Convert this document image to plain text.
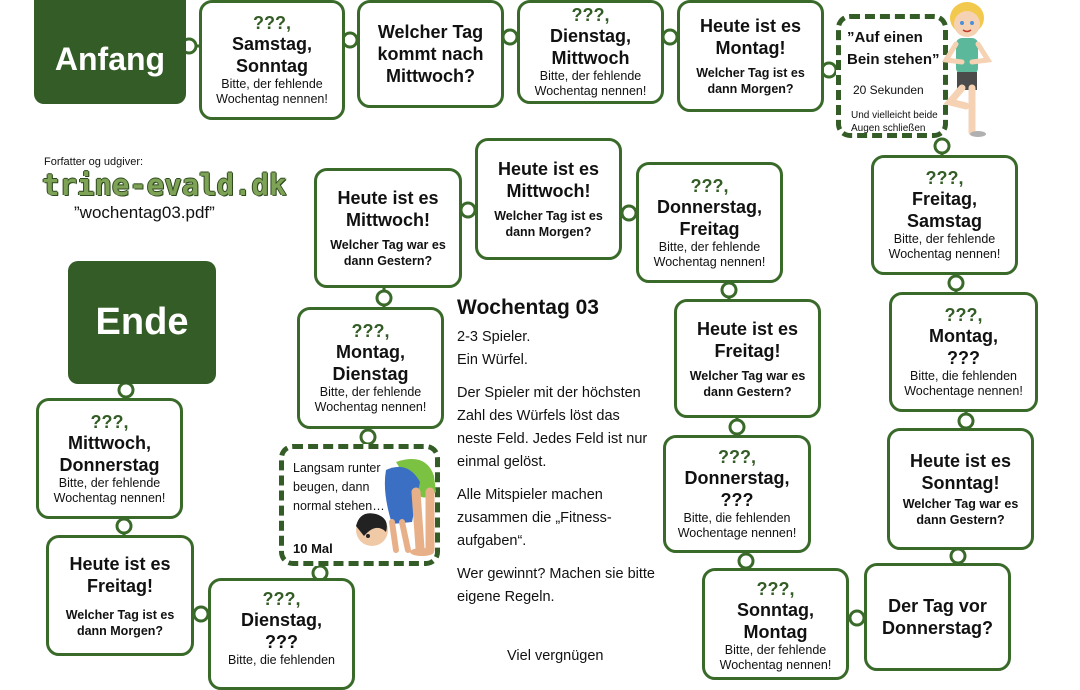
Anfang
Ende
???,
Samstag, Sonntag
Bitte, der fehlende Wochentag nennen!
Welcher Tag kommt nach Mittwoch?
???,
Dienstag, Mittwoch
Bitte, der fehlende Wochentag nennen!
Heute ist es Montag!
Welcher Tag ist es dann Morgen?
”Auf einen Bein stehen”
20 Sekunden
Und vielleicht beide Augen schließen
???,
Freitag, Samstag
Bitte, der fehlende Wochentag nennen!
???,
Montag, ???
Bitte, die fehlenden Wochentage nennen!
Heute ist es Sonntag!
Welcher Tag war es dann Gestern?
Der Tag vor Donnerstag?
???,
Sonntag, Montag
Bitte, der fehlende Wochentag nennen!
???,
Donnerstag, ???
Bitte, die fehlenden Wochentage nennen!
Heute ist es Freitag!
Welcher Tag war es dann Gestern?
???,
Donnerstag, Freitag
Bitte, der fehlende Wochentag nennen!
Heute ist es Mittwoch!
Welcher Tag ist es dann Morgen?
Heute ist es Mittwoch!
Welcher Tag war es dann Gestern?
???,
Montag, Dienstag
Bitte, der fehlende Wochentag nennen!
Langsam runter beugen, dann normal stehen…
10 Mal
???,
Dienstag, ???
Bitte, die fehlenden
Heute ist es Freitag!
Welcher Tag ist es dann Morgen?
???,
Mittwoch, Donnerstag
Bitte, der fehlende Wochentag nennen!
Forfatter og udgiver:
trine-evald.dk
”wochentag03.pdf”
Wochentag 03

2-3 Spieler. Ein Würfel.

Der Spieler mit der höchsten Zahl des Würfels löst das neste Feld. Jedes Feld ist nur einmal gelöst.

Alle Mitspieler machen zusammen die „Fitness-aufgaben“.

Wer gewinnt? Machen sie bitte eigene Regeln.

Viel vergnügen
